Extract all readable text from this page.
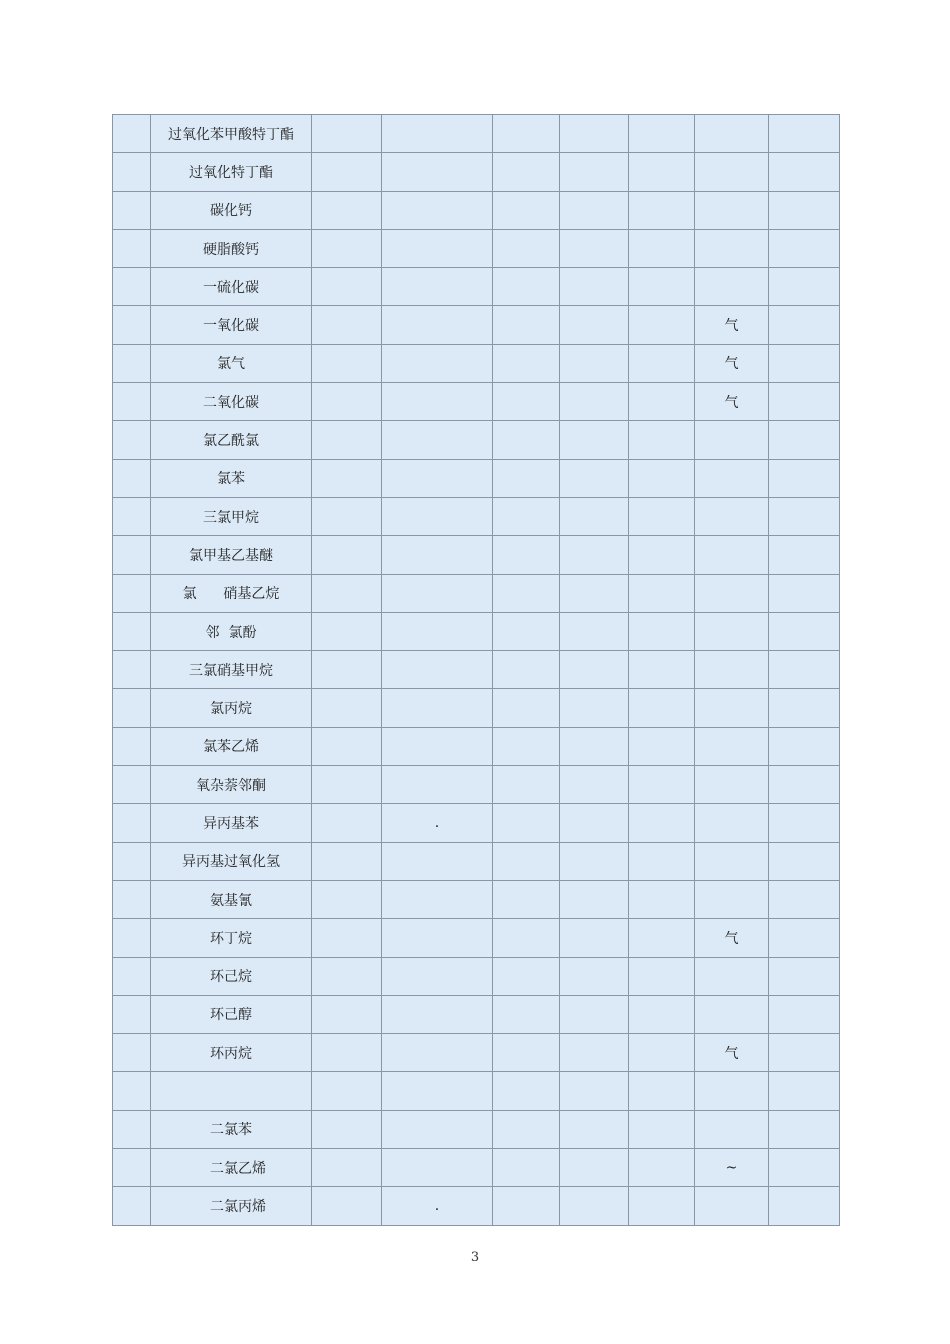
	过氧化苯甲酸特丁酯							
	过氧化特丁酯							
	碳化钙							
	硬脂酸钙							
	一硫化碳							
	一氧化碳						气	
	氯气						气	
	二氧化碳						气	
	氯乙酰氯							
	氯苯							
	三氯甲烷							
	氯甲基乙基醚							
	氯      硝基乙烷							
	邻  氯酚							
	三氯硝基甲烷							
	氯丙烷							
	氯苯乙烯							
	氧杂萘邻酮							
	异丙基苯		.					
	异丙基过氧化氢							
	氨基氰							
	环丁烷						气	
	环己烷							
	环己醇							
	环丙烷						气	

	二氯苯							
	二氯乙烯						~	
	二氯丙烯		.					
3
